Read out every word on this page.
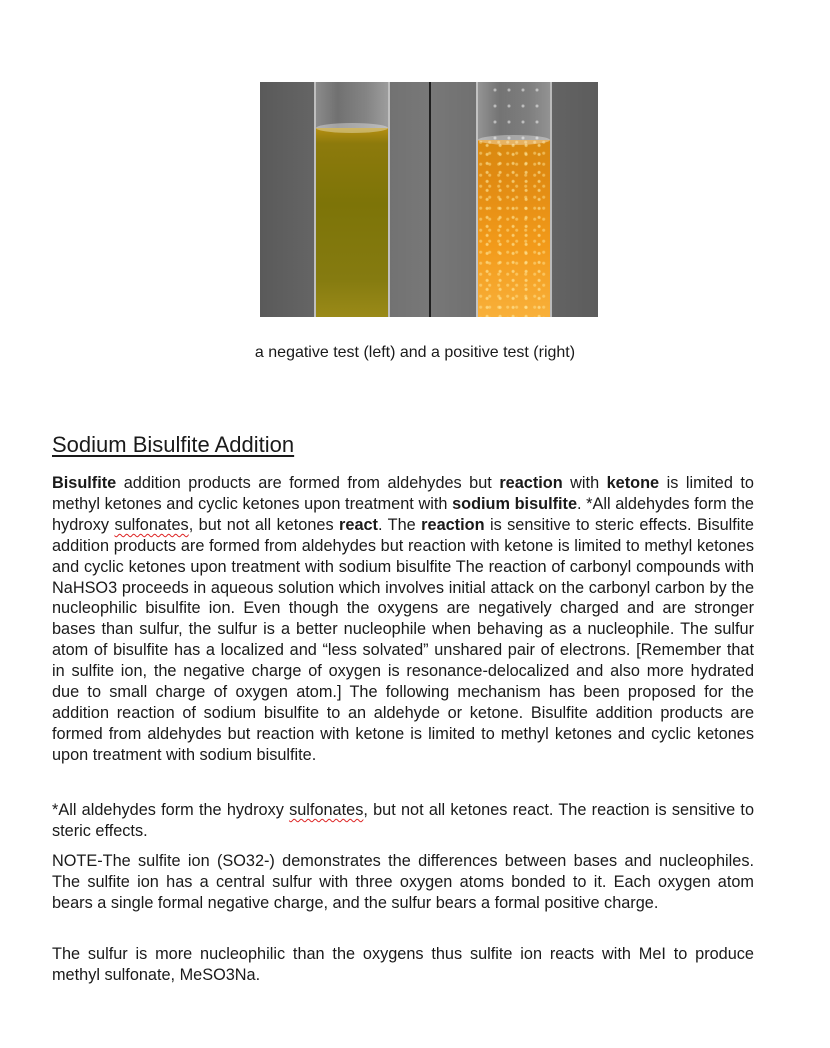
a negative test (left) and a positive test (right)
Sodium Bisulfite Addition

Bisulfite addition products are formed from aldehydes but reaction with ketone is limited to methyl ketones and cyclic ketones upon treatment with sodium bisulfite. *All aldehydes form the hydroxy sulfonates, but not all ketones react. The reaction is sensitive to steric effects. Bisulfite addition products are formed from aldehydes but reaction with ketone is limited to methyl ketones and cyclic ketones upon treatment with sodium bisulfite The reaction of carbonyl compounds with NaHSO3 proceeds in aqueous solution which involves initial attack on the carbonyl carbon by the nucleophilic bisulfite ion. Even though the oxygens are negatively charged and are stronger bases than sulfur, the sulfur is a better nucleophile when behaving as a nucleophile. The sulfur atom of bisulfite has a localized and “less solvated” unshared pair of electrons. [Remember that in sulfite ion, the negative charge of oxygen is resonance-delocalized and also more hydrated due to small charge of oxygen atom.] The following mechanism has been proposed for the addition reaction of sodium bisulfite to an aldehyde or ketone. Bisulfite addition products are formed from aldehydes but reaction with ketone is limited to methyl ketones and cyclic ketones upon treatment with sodium bisulfite.

*All aldehydes form the hydroxy sulfonates, but not all ketones react. The reaction is sensitive to steric effects.

NOTE-The sulfite ion (SO32-) demonstrates the differences between bases and nucleophiles. The sulfite ion has a central sulfur with three oxygen atoms bonded to it. Each oxygen atom bears a single formal negative charge, and the sulfur bears a formal positive charge.

The sulfur is more nucleophilic than the oxygens thus sulfite ion reacts with MeI to produce methyl sulfonate, MeSO3Na.
